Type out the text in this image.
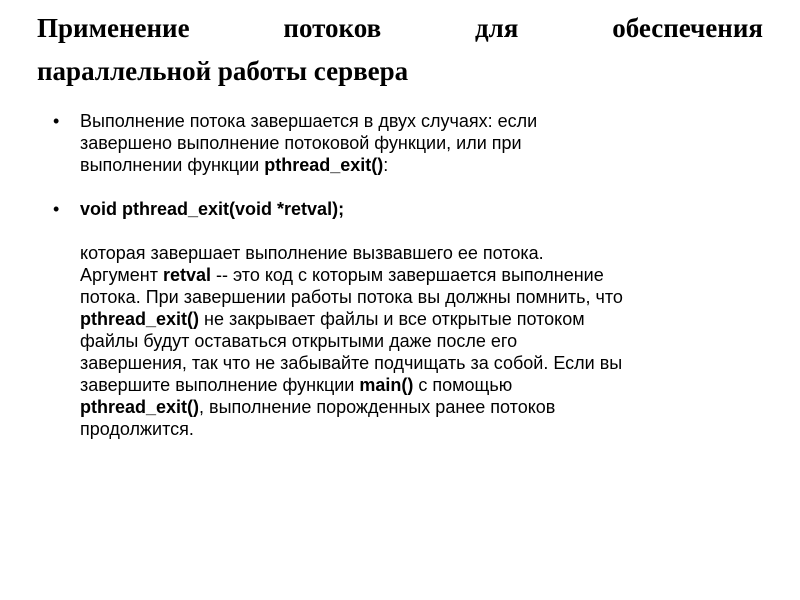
Применение потоков для обеспечения
параллельной работы сервера
•	Выполнение потока завершается в двух случаях: если
завершено выполнение потоковой функции, или при
выполнении функции pthread_exit():
•	void pthread_exit(void *retval);
которая завершает выполнение вызвавшего ее потока.
Аргумент retval -- это код с которым завершается выполнение
потока. При завершении работы потока вы должны помнить, что
pthread_exit() не закрывает файлы и все открытые потоком
файлы будут оставаться открытыми даже после его
завершения, так что не забывайте подчищать за собой. Если вы
завершите выполнение функции main() с помощью
pthread_exit(), выполнение порожденных ранее потоков
продолжится.
